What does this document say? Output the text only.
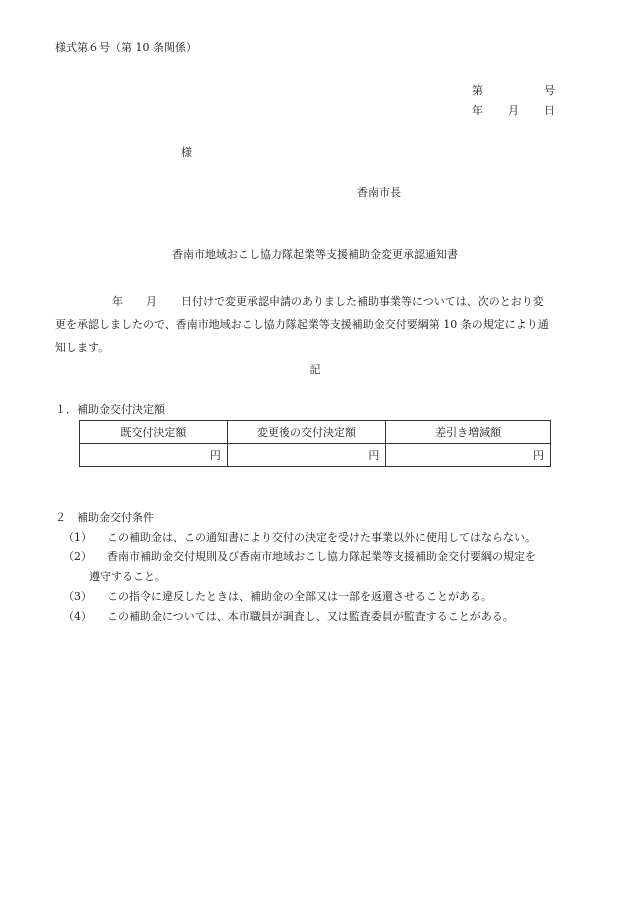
様式第６号（第 10 条関係）
第	号
年 月 日
様
香南市長
香南市地域おこし協力隊起業等支援補助金変更承認通知書
年 月 日付けで変更承認申請のありました補助事業等については、次のとおり変
更を承認しましたので、香南市地域おこし協力隊起業等支援補助金交付要綱第 10 条の規定により通
知します。
記
１．補助金交付決定額
既交付決定額	変更後の交付決定額	差引き増減額
円	円	円
２　補助金交付条件
（1） この補助金は、この通知書により交付の決定を受けた事業以外に使用してはならない。
（2） 香南市補助金交付規則及び香南市地域おこし協力隊起業等支援補助金交付要綱の規定を
遵守すること。
（3） この指令に違反したときは、補助金の全部又は一部を返還させることがある。
（4） この補助金については、本市職員が調査し、又は監査委員が監査することがある。
